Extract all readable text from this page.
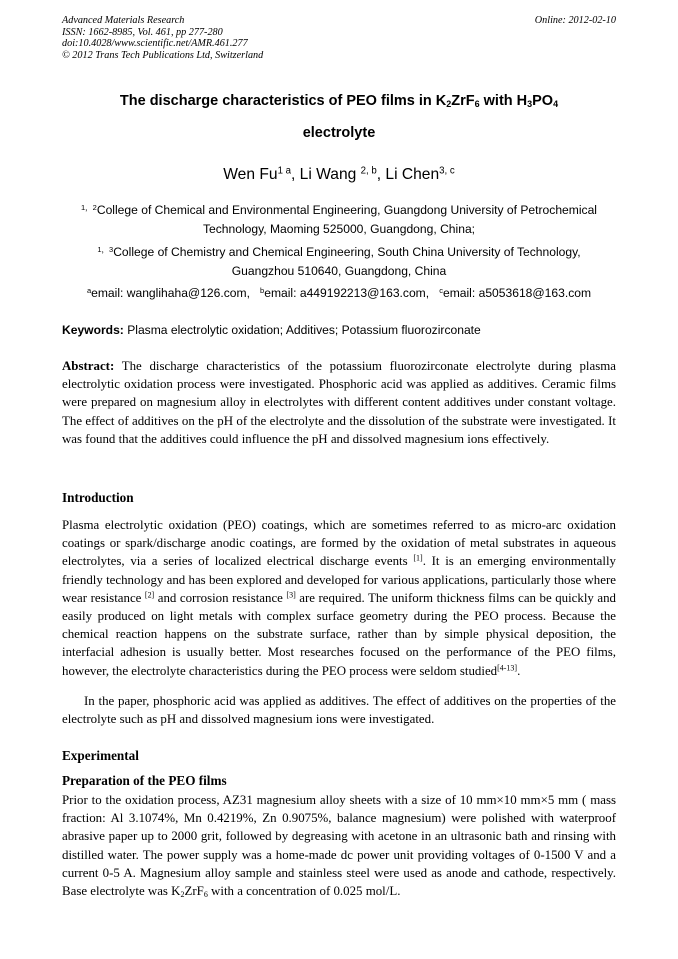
Advanced Materials Research
ISSN: 1662-8985, Vol. 461, pp 277-280
doi:10.4028/www.scientific.net/AMR.461.277
© 2012 Trans Tech Publications Ltd, Switzerland
Online: 2012-02-10
The discharge characteristics of PEO films in $K_2ZrF_6$ with $H_3PO_4$
electrolyte
Wen $Fu^{1 a}$, Li Wang $^{2, b}$, Li Chen$^{3, c}$
$^{1,2}$College of Chemical and Environmental Engineering, Guangdong University of Petrochemical
Technology, Maoming 525000, Guangdong, China;
$^{1,3}$College of Chemistry and Chemical Engineering, South China University of Technology,
Guangzhou 510640, Guangdong, China
$^a$email: wanglihaha@126.com, $^b$email: a449192213@163.com, $^c$email: a5053618@163.com
Keywords: Plasma electrolytic oxidation; Additives; Potassium fluorozirconate
Abstract: The discharge characteristics of the potassium fluorozirconate electrolyte during plasma electrolytic oxidation process were investigated. Phosphoric acid was applied as additives. Ceramic films were prepared on magnesium alloy in electrolytes with different content additives under constant voltage. The effect of additives on the pH of the electrolyte and the dissolution of the substrate were investigated. It was found that the additives could influence the pH and dissolved magnesium ions effectively.
Introduction
Plasma electrolytic oxidation (PEO) coatings, which are sometimes referred to as micro-arc oxidation coatings or spark/discharge anodic coatings, are formed by the oxidation of metal substrates in aqueous electrolytes, via a series of localized electrical discharge events [1]. It is an emerging environmentally friendly technology and has been explored and developed for various applications, particularly those where wear resistance [2] and corrosion resistance [3] are required. The uniform thickness films can be quickly and easily produced on light metals with complex surface geometry during the PEO process. Because the chemical reaction happens on the substrate surface, rather than by simple physical deposition, the interfacial adhesion is usually better. Most researches focused on the performance of the PEO films, however, the electrolyte characteristics during the PEO process were seldom studied[4-13].
In the paper, phosphoric acid was applied as additives. The effect of additives on the properties of the electrolyte such as pH and dissolved magnesium ions were investigated.
Experimental
Preparation of the PEO films
Prior to the oxidation process, AZ31 magnesium alloy sheets with a size of 10 mm×10 mm×5 mm ( mass fraction: Al 3.1074%, Mn 0.4219%, Zn 0.9075%, balance magnesium) were polished with waterproof abrasive paper up to 2000 grit, followed by degreasing with acetone in an ultrasonic bath and rinsing with distilled water. The power supply was a home-made dc power unit providing voltages of 0-1500 V and a current 0-5 A. Magnesium alloy sample and stainless steel were used as anode and cathode, respectively. Base electrolyte was $K_2ZrF_6$ with a concentration of 0.025 mol/L.
